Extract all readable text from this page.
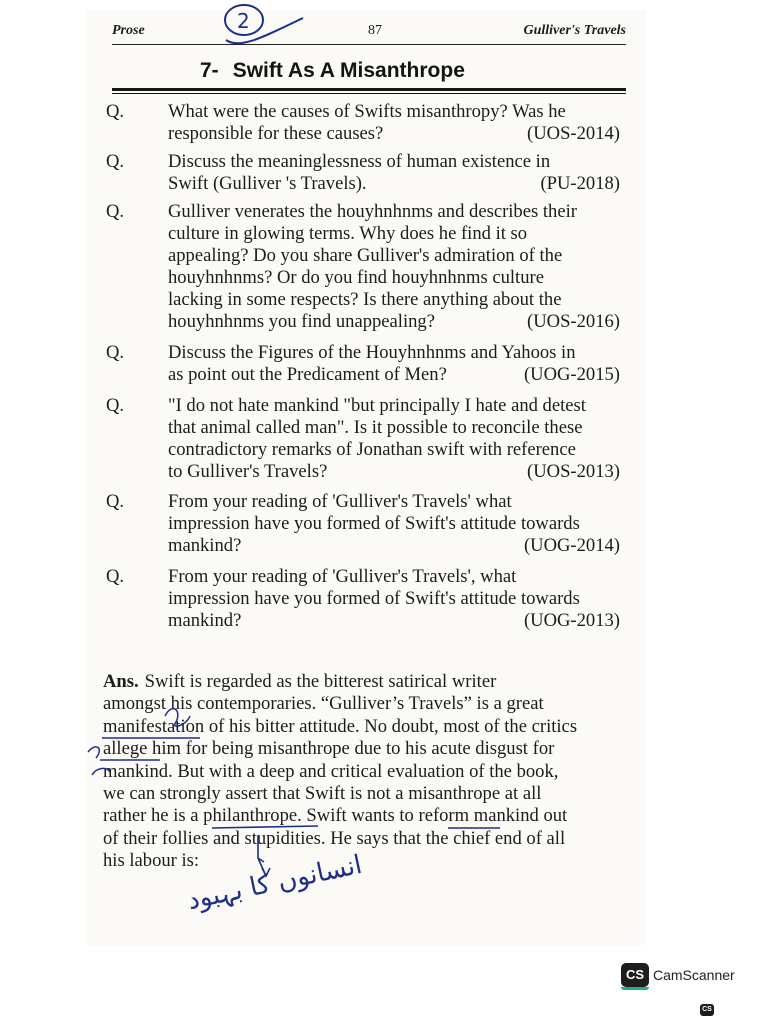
Prose	87	Gulliver's Travels
7- Swift As A Misanthrope
Q. What were the causes of Swifts misanthropy? Was he
responsible for these causes?	(UOS-2014)
Q. Discuss the meaninglessness of human existence in
Swift (Gulliver 's Travels).	(PU-2018)
Q. Gulliver venerates the houyhnhnms and describes their
culture in glowing terms. Why does he find it so
appealing? Do you share Gulliver's admiration of the
houyhnhnms? Or do you find houyhnhnms culture
lacking in some respects? Is there anything about the
houyhnhnms you find unappealing?	(UOS-2016)
Q. Discuss the Figures of the Houyhnhnms and Yahoos in
as point out the Predicament of Men?	(UOG-2015)
Q. "I do not hate mankind "but principally I hate and detest
that animal called man". Is it possible to reconcile these
contradictory remarks of Jonathan swift with reference
to Gulliver's Travels?	(UOS-2013)
Q. From your reading of 'Gulliver's Travels' what
impression have you formed of Swift's attitude towards
mankind?	(UOG-2014)
Q. From your reading of 'Gulliver's Travels', what
impression have you formed of Swift's attitude towards
mankind?	(UOG-2013)
Ans. Swift is regarded as the bitterest satirical writer
amongst his contemporaries. “Gulliver’s Travels” is a great
manifestation of his bitter attitude. No doubt, most of the critics
allege him for being misanthrope due to his acute disgust for
mankind. But with a deep and critical evaluation of the book,
we can strongly assert that Swift is not a misanthrope at all
rather he is a philanthrope. Swift wants to reform mankind out
of their follies and stupidities. He says that the chief end of all
his labour is:
2
انسانوں کا بہبود
CS CamScanner
CS
